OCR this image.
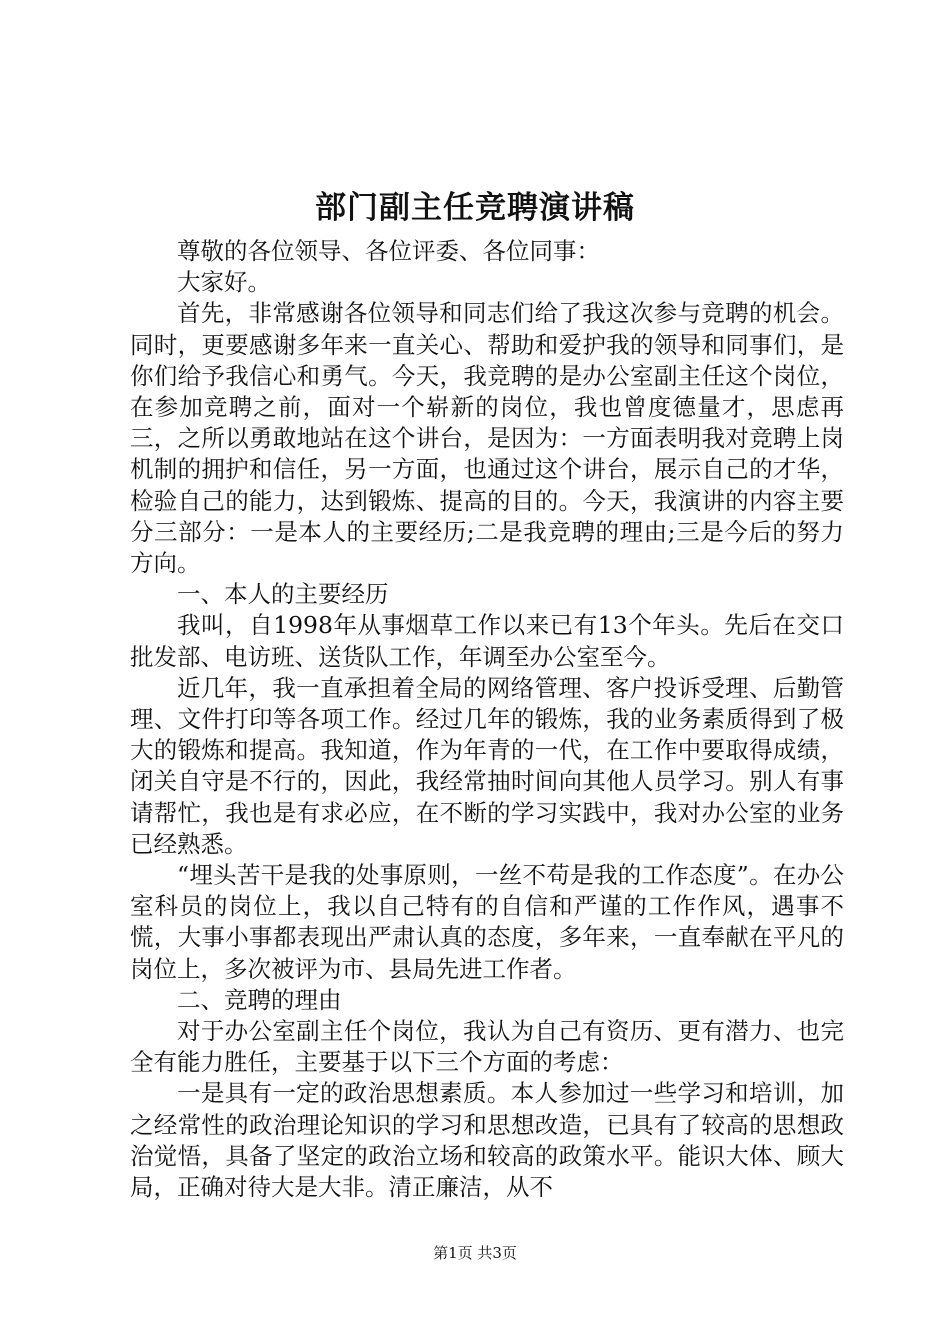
部门副主任竞聘演讲稿

尊敬的各位领导、各位评委、各位同事：

大家好。

首先，非常感谢各位领导和同志们给了我这次参与竞聘的机会。同时，更要感谢多年来一直关心、帮助和爱护我的领导和同事们，是你们给予我信心和勇气。今天，我竞聘的是办公室副主任这个岗位，在参加竞聘之前，面对一个崭新的岗位，我也曾度德量才，思虑再三，之所以勇敢地站在这个讲台，是因为：一方面表明我对竞聘上岗机制的拥护和信任，另一方面，也通过这个讲台，展示自己的才华，检验自己的能力，达到锻炼、提高的目的。今天，我演讲的内容主要分三部分：一是本人的主要经历;二是我竞聘的理由;三是今后的努力方向。

一、本人的主要经历

我叫，自1998年从事烟草工作以来已有13个年头。先后在交口批发部、电访班、送货队工作，年调至办公室至今。

近几年，我一直承担着全局的网络管理、客户投诉受理、后勤管理、文件打印等各项工作。经过几年的锻炼，我的业务素质得到了极大的锻炼和提高。我知道，作为年青的一代，在工作中要取得成绩，闭关自守是不行的，因此，我经常抽时间向其他人员学习。别人有事请帮忙，我也是有求必应，在不断的学习实践中，我对办公室的业务已经熟悉。

“埋头苦干是我的处事原则，一丝不苟是我的工作态度”。在办公室科员的岗位上，我以自己特有的自信和严谨的工作作风，遇事不慌，大事小事都表现出严肃认真的态度，多年来，一直奉献在平凡的岗位上，多次被评为市、县局先进工作者。

二、竞聘的理由

对于办公室副主任个岗位，我认为自己有资历、更有潜力、也完全有能力胜任，主要基于以下三个方面的考虑：

一是具有一定的政治思想素质。本人参加过一些学习和培训，加之经常性的政治理论知识的学习和思想改造，已具有了较高的思想政治觉悟，具备了坚定的政治立场和较高的政策水平。能识大体、顾大局，正确对待大是大非。清正廉洁，从不

第1页 共3页
